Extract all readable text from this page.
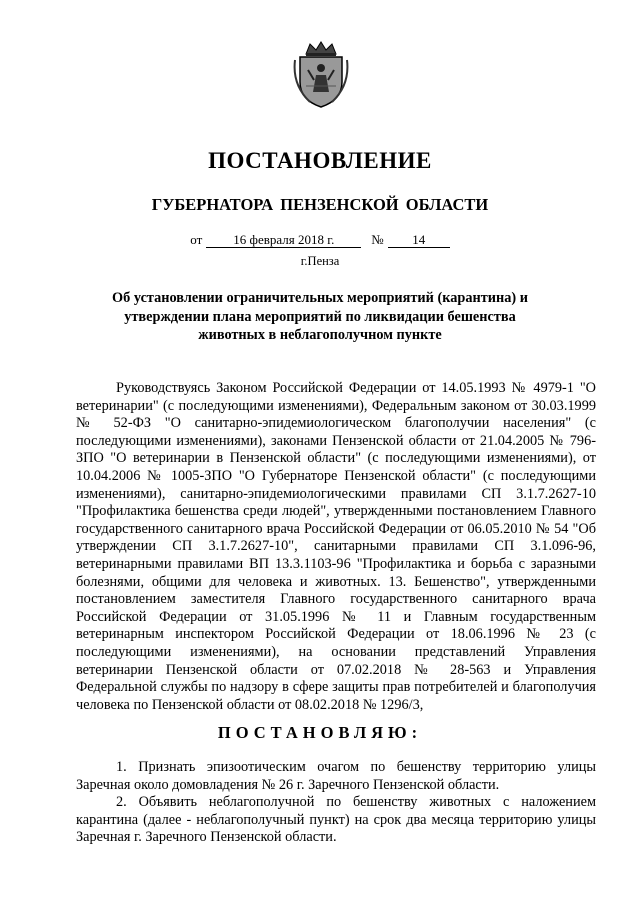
ПОСТАНОВЛЕНИЕ
ГУБЕРНАТОРА ПЕНЗЕНСКОЙ ОБЛАСТИ
от 16 февраля 2018 г.	№ 14
г.Пенза
Об установлении ограничительных мероприятий (карантина) и утверждении плана мероприятий по ликвидации бешенства животных в неблагополучном пункте

Руководствуясь Законом Российской Федерации от 14.05.1993 № 4979-1 "О ветеринарии" (с последующими изменениями), Федеральным законом от 30.03.1999 № 52-ФЗ "О санитарно-эпидемиологическом благополучии населения" (с последующими изменениями), законами Пензенской области от 21.04.2005 № 796-ЗПО "О ветеринарии в Пензенской области" (с последующими изменениями), от 10.04.2006 № 1005-ЗПО "О Губернаторе Пензенской области" (с последующими изменениями), санитарно-эпидемиологическими правилами СП 3.1.7.2627-10 "Профилактика бешенства среди людей", утвержденными постановлением Главного государственного санитарного врача Российской Федерации от 06.05.2010 № 54 "Об утверждении СП 3.1.7.2627-10", санитарными правилами СП 3.1.096-96, ветеринарными правилами ВП 13.3.1103-96 "Профилактика и борьба с заразными болезнями, общими для человека и животных. 13. Бешенство", утвержденными постановлением заместителя Главного государственного санитарного врача Российской Федерации от 31.05.1996 № 11 и Главным государственным ветеринарным инспектором Российской Федерации от 18.06.1996 № 23 (с последующими изменениями), на основании представлений Управления ветеринарии Пензенской области от 07.02.2018 № 28-563 и Управления Федеральной службы по надзору в сфере защиты прав потребителей и благополучия человека по Пензенской области от 08.02.2018 № 1296/3,

ПОСТАНОВЛЯЮ:

1. Признать эпизоотическим очагом по бешенству территорию улицы Заречная около домовладения № 26 г. Заречного Пензенской области.

2. Объявить неблагополучной по бешенству животных с наложением карантина (далее - неблагополучный пункт) на срок два месяца территорию улицы Заречная г. Заречного Пензенской области.
